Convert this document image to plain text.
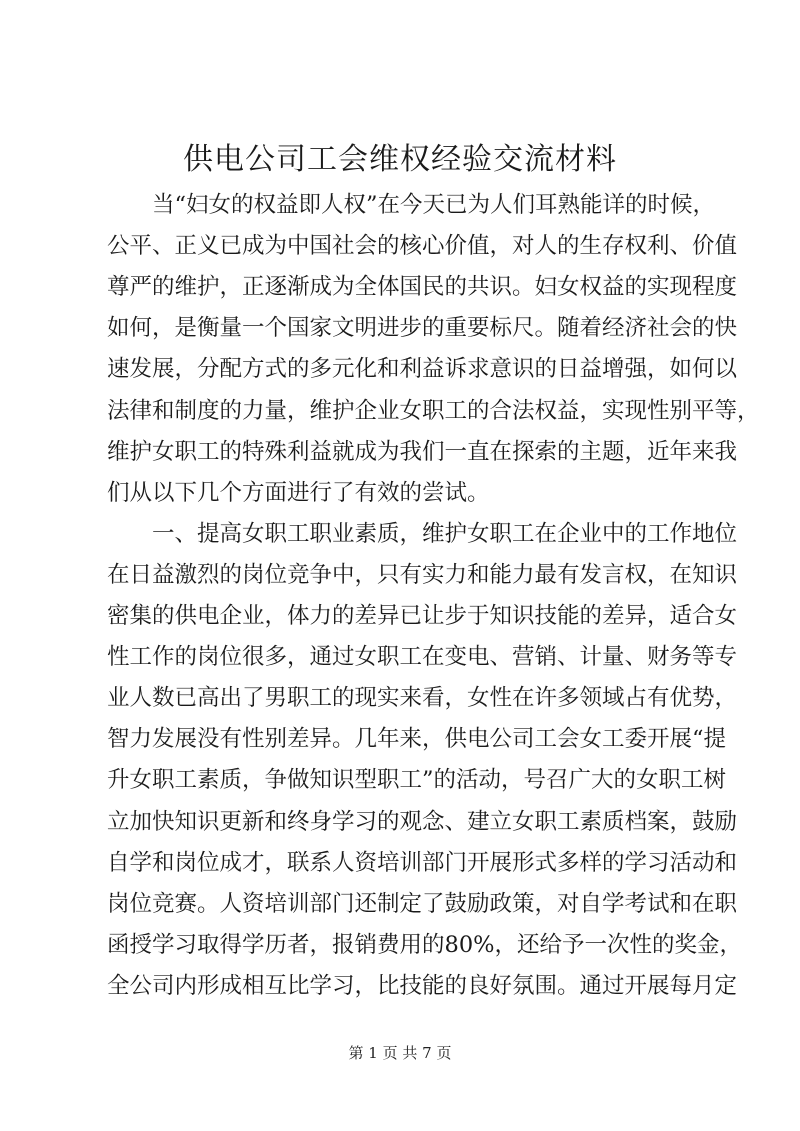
供电公司工会维权经验交流材料
当“妇女的权益即人权”在今天已为人们耳熟能详的时候，
公平、正义已成为中国社会的核心价值，对人的生存权利、价值
尊严的维护，正逐渐成为全体国民的共识。妇女权益的实现程度
如何，是衡量一个国家文明进步的重要标尺。随着经济社会的快
速发展，分配方式的多元化和利益诉求意识的日益增强，如何以
法律和制度的力量，维护企业女职工的合法权益，实现性别平等，
维护女职工的特殊利益就成为我们一直在探索的主题，近年来我
们从以下几个方面进行了有效的尝试。
一、提高女职工职业素质，维护女职工在企业中的工作地位
在日益激烈的岗位竞争中，只有实力和能力最有发言权，在知识
密集的供电企业，体力的差异已让步于知识技能的差异，适合女
性工作的岗位很多，通过女职工在变电、营销、计量、财务等专
业人数已高出了男职工的现实来看，女性在许多领域占有优势，
智力发展没有性别差异。几年来，供电公司工会女工委开展“提
升女职工素质，争做知识型职工”的活动，号召广大的女职工树
立加快知识更新和终身学习的观念、建立女职工素质档案，鼓励
自学和岗位成才，联系人资培训部门开展形式多样的学习活动和
岗位竞赛。人资培训部门还制定了鼓励政策，对自学考试和在职
函授学习取得学历者，报销费用的80%，还给予一次性的奖金，
全公司内形成相互比学习，比技能的良好氛围。通过开展每月定
第 1 页 共 7 页
